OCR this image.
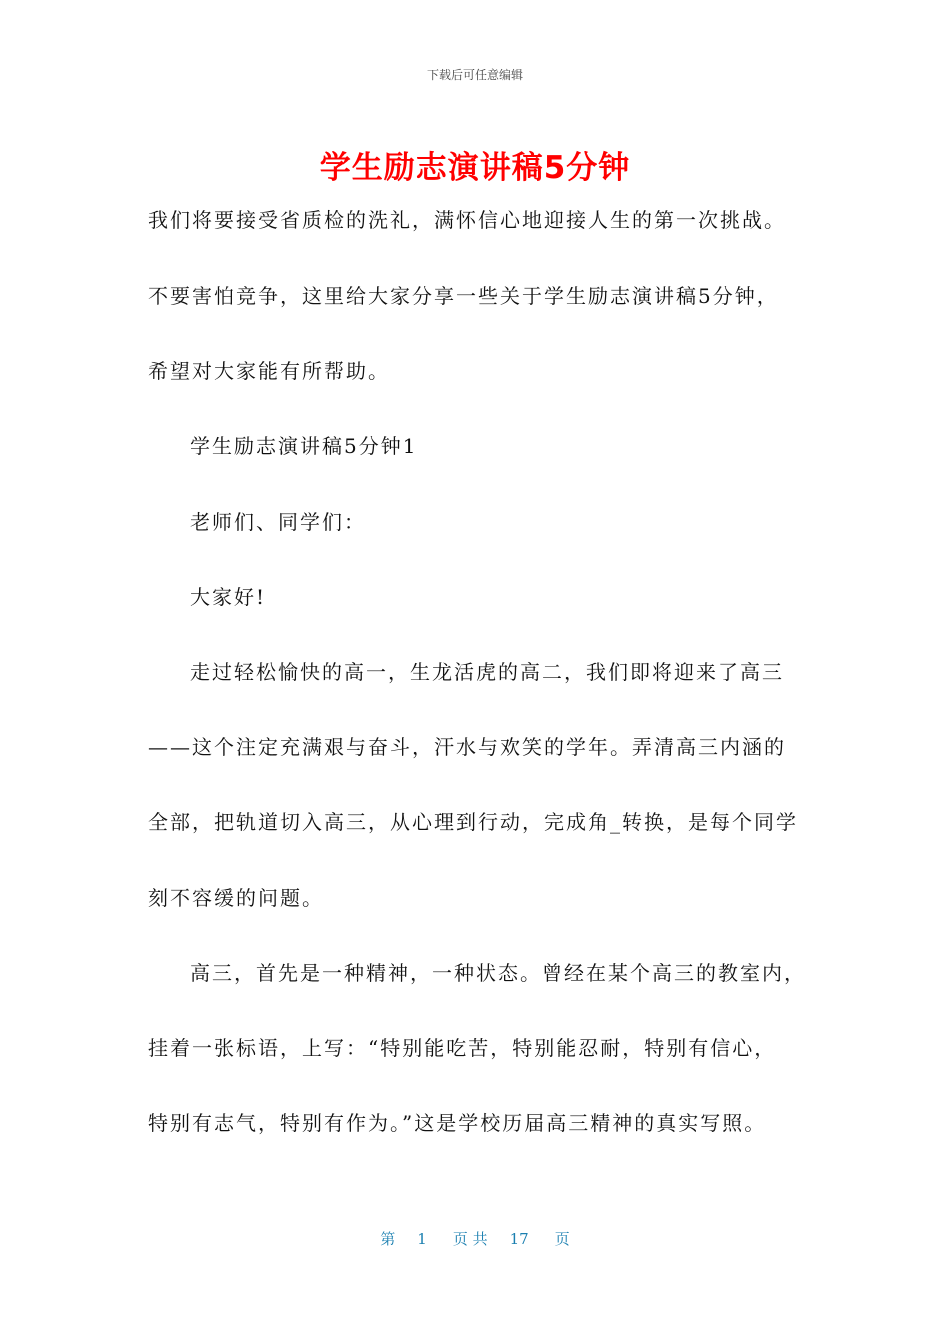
下载后可任意编辑
学生励志演讲稿5分钟
我们将要接受省质检的洗礼，满怀信心地迎接人生的第一次挑战。
不要害怕竞争，这里给大家分享一些关于学生励志演讲稿5分钟，
希望对大家能有所帮助。
学生励志演讲稿5分钟1
老师们、同学们：
大家好!
走过轻松愉快的高一，生龙活虎的高二，我们即将迎来了高三
——这个注定充满艰与奋斗，汗水与欢笑的学年。弄清高三内涵的
全部，把轨道切入高三，从心理到行动，完成角_转换，是每个同学
刻不容缓的问题。
高三，首先是一种精神，一种状态。曾经在某个高三的教室内，
挂着一张标语，上写：“特别能吃苦，特别能忍耐，特别有信心，
特别有志气，特别有作为。”这是学校历届高三精神的真实写照。
第 1 页 共 17 页
